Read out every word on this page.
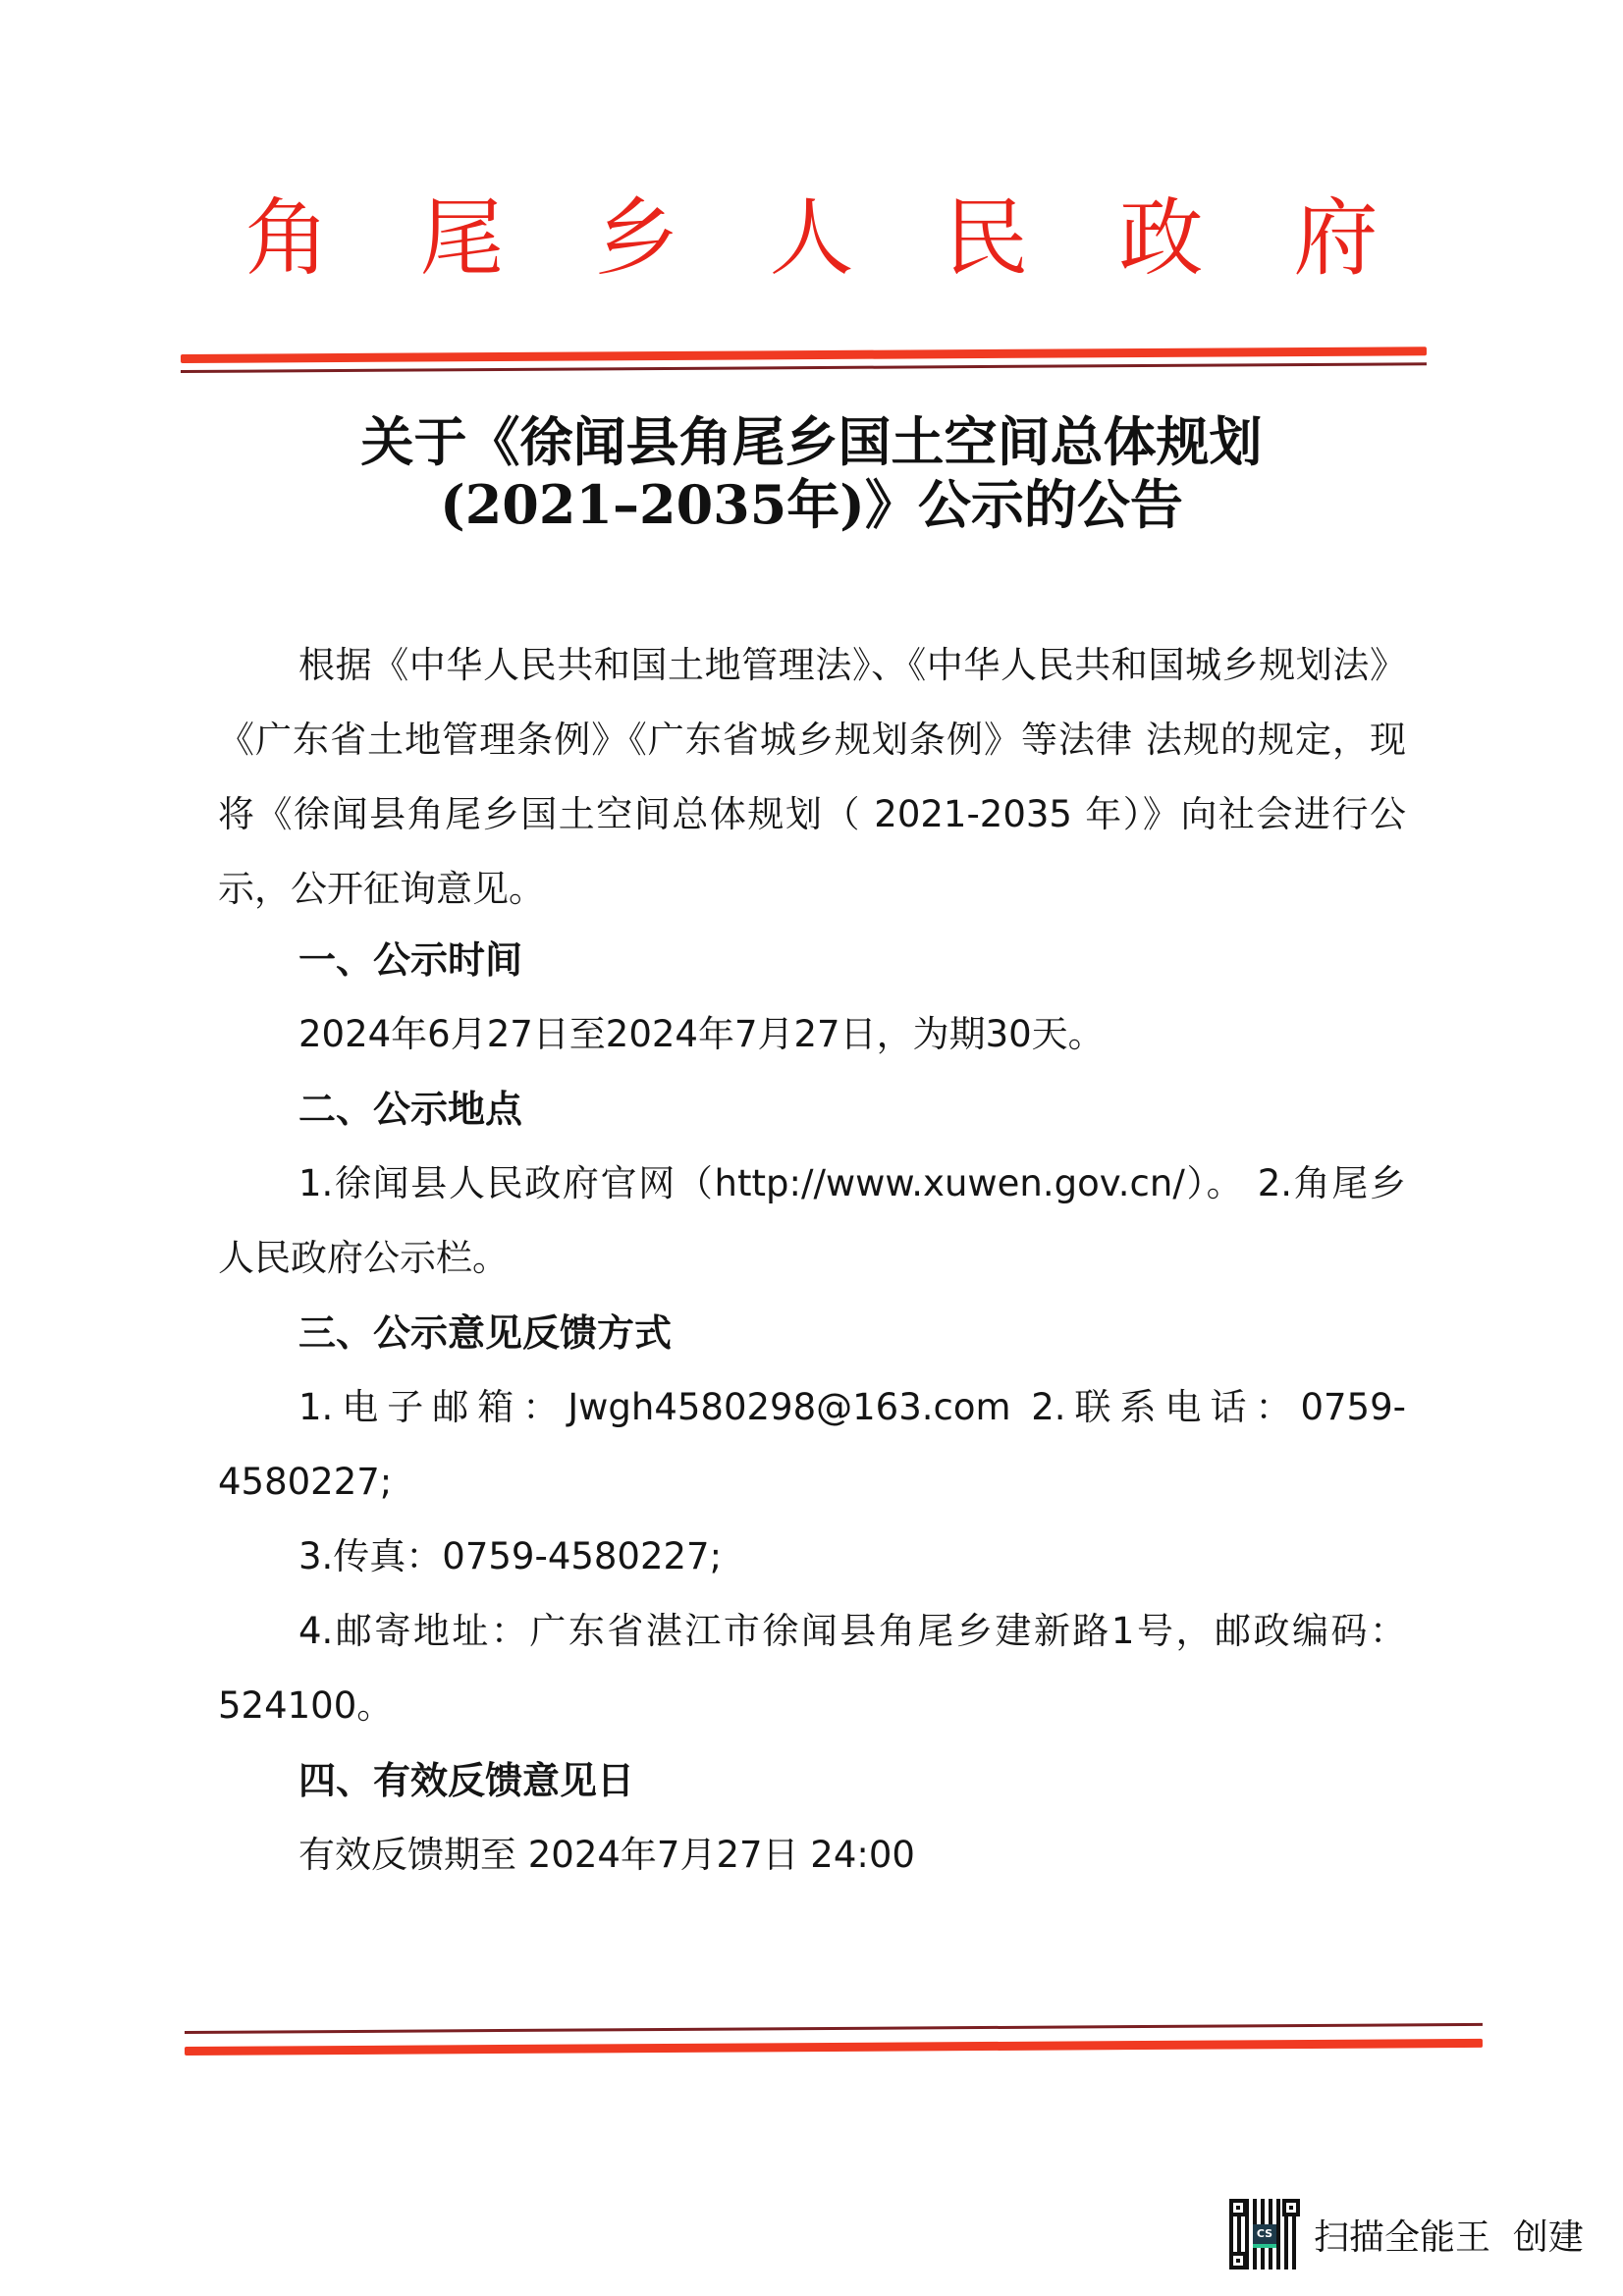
角尾乡人民政府
关于《徐闻县角尾乡国土空间总体规划
(2021–2035年)》公示的公告

根据《中华人民共和国土地管理法》、《中华人民共和国城乡规划法》《广东省土地管理条例》《广东省城乡规划条例》等法律 法规的规定，现将《徐闻县角尾乡国土空间总体规划（ 2021-2035 年）》向社会进行公示，公开征询意见。

一、公示时间

2024年6月27日至2024年7月27日，为期30天。

二、公示地点

1.徐闻县人民政府官网（http://www.xuwen.gov.cn/）。 2.角尾乡人民政府公示栏。

三、公示意见反馈方式

1.电子邮箱：Jwgh4580298@163.com 2.联系电话：0759-4580227;

3.传真：0759-4580227;

4.邮寄地址：广东省湛江市徐闻县角尾乡建新路1号，邮政编码：524100。

四、有效反馈意见日

有效反馈期至 2024年7月27日 24:00

CS 扫描全能王  创建
